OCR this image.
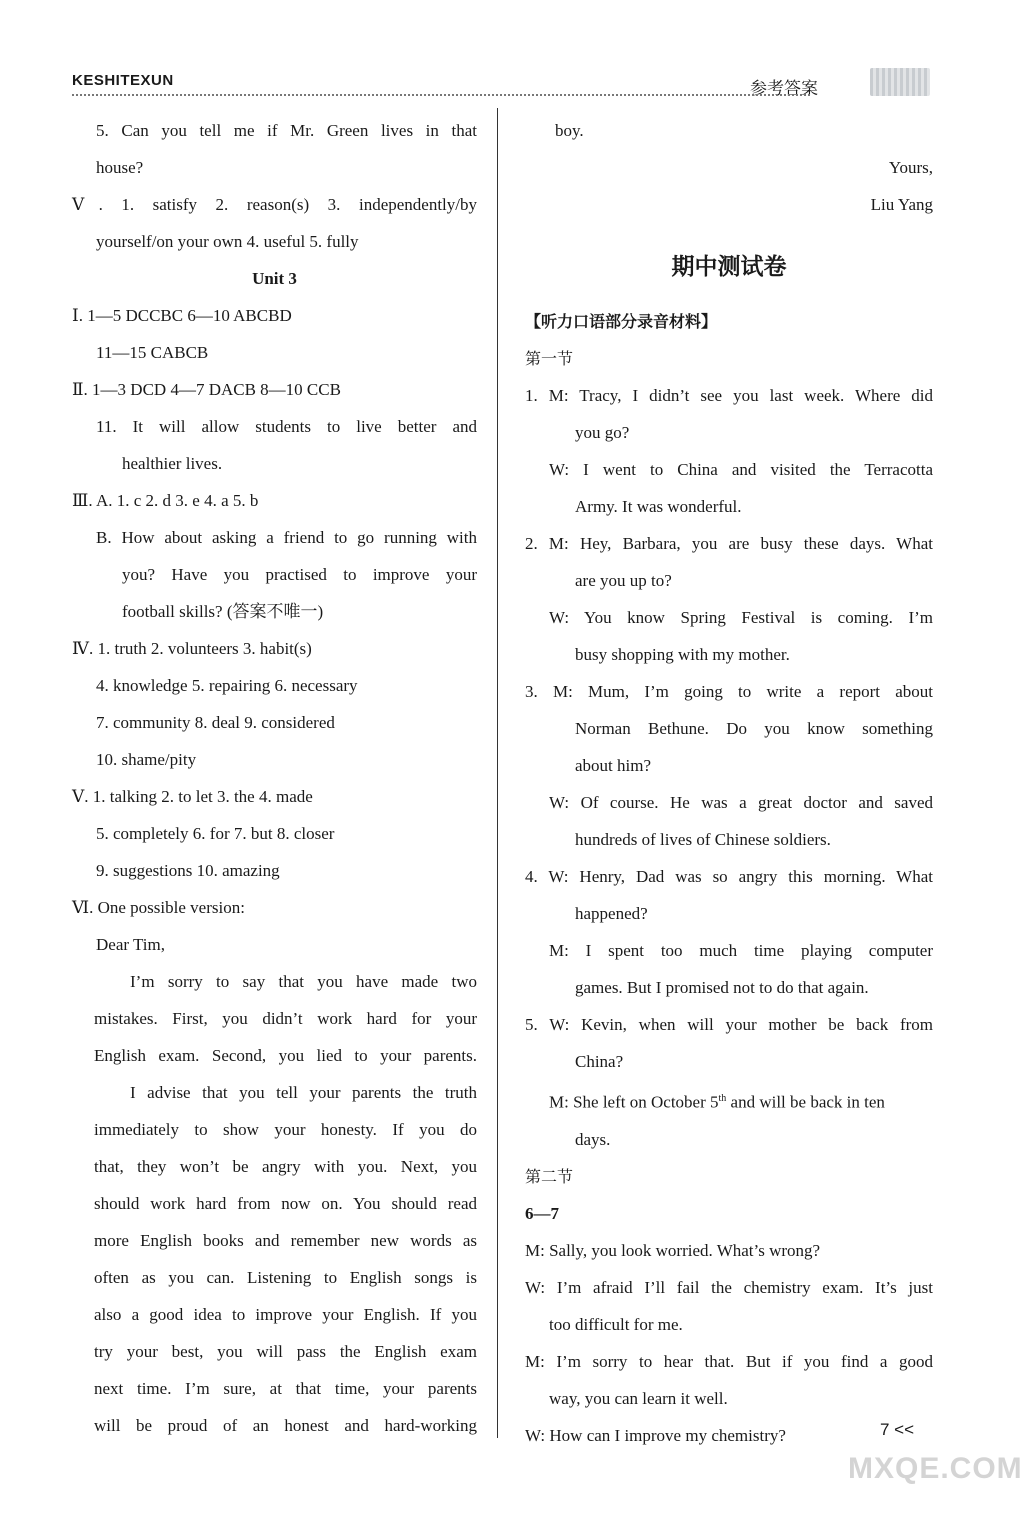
KESHITEXUN	参考答案
5. Can you tell me if Mr. Green lives in that
house?
Ⅴ. 1. satisfy 2. reason(s) 3. independently/by
yourself/on your own 4. useful 5. fully
Unit 3
Ⅰ. 1—5 DCCBC 6—10 ABCBD
11—15 CABCB
Ⅱ. 1—3 DCD 4—7 DACB 8—10 CCB
11. It will allow students to live better and
healthier lives.
Ⅲ. A. 1. c 2. d 3. e 4. a 5. b
B. How about asking a friend to go running with
you? Have you practised to improve your
football skills? (答案不唯一)
Ⅳ. 1. truth 2. volunteers 3. habit(s)
4. knowledge 5. repairing 6. necessary
7. community 8. deal 9. considered
10. shame/pity
Ⅴ. 1. talking 2. to let 3. the 4. made
5. completely 6. for 7. but 8. closer
9. suggestions 10. amazing
Ⅵ. One possible version:
Dear Tim,
I’m sorry to say that you have made two
mistakes. First, you didn’t work hard for your
English exam. Second, you lied to your parents.
I advise that you tell your parents the truth
immediately to show your honesty. If you do
that, they won’t be angry with you. Next, you
should work hard from now on. You should read
more English books and remember new words as
often as you can. Listening to English songs is
also a good idea to improve your English. If you
try your best, you will pass the English exam
next time. I’m sure, at that time, your parents
will be proud of an honest and hard-working
boy.
Yours,
Liu Yang
期中测试卷
【听力口语部分录音材料】
第一节
1. M: Tracy, I didn’t see you last week. Where did
you go?
W: I went to China and visited the Terracotta
Army. It was wonderful.
2. M: Hey, Barbara, you are busy these days. What
are you up to?
W: You know Spring Festival is coming. I’m
busy shopping with my mother.
3. M: Mum, I’m going to write a report about
Norman Bethune. Do you know something
about him?
W: Of course. He was a great doctor and saved
hundreds of lives of Chinese soldiers.
4. W: Henry, Dad was so angry this morning. What
happened?
M: I spent too much time playing computer
games. But I promised not to do that again.
5. W: Kevin, when will your mother be back from
China?
M: She left on October 5th and will be back in ten
days.
第二节
6—7
M: Sally, you look worried. What’s wrong?
W: I’m afraid I’ll fail the chemistry exam. It’s just
too difficult for me.
M: I’m sorry to hear that. But if you find a good
way, you can learn it well.
W: How can I improve my chemistry?	7 <<
MXQE.COM
